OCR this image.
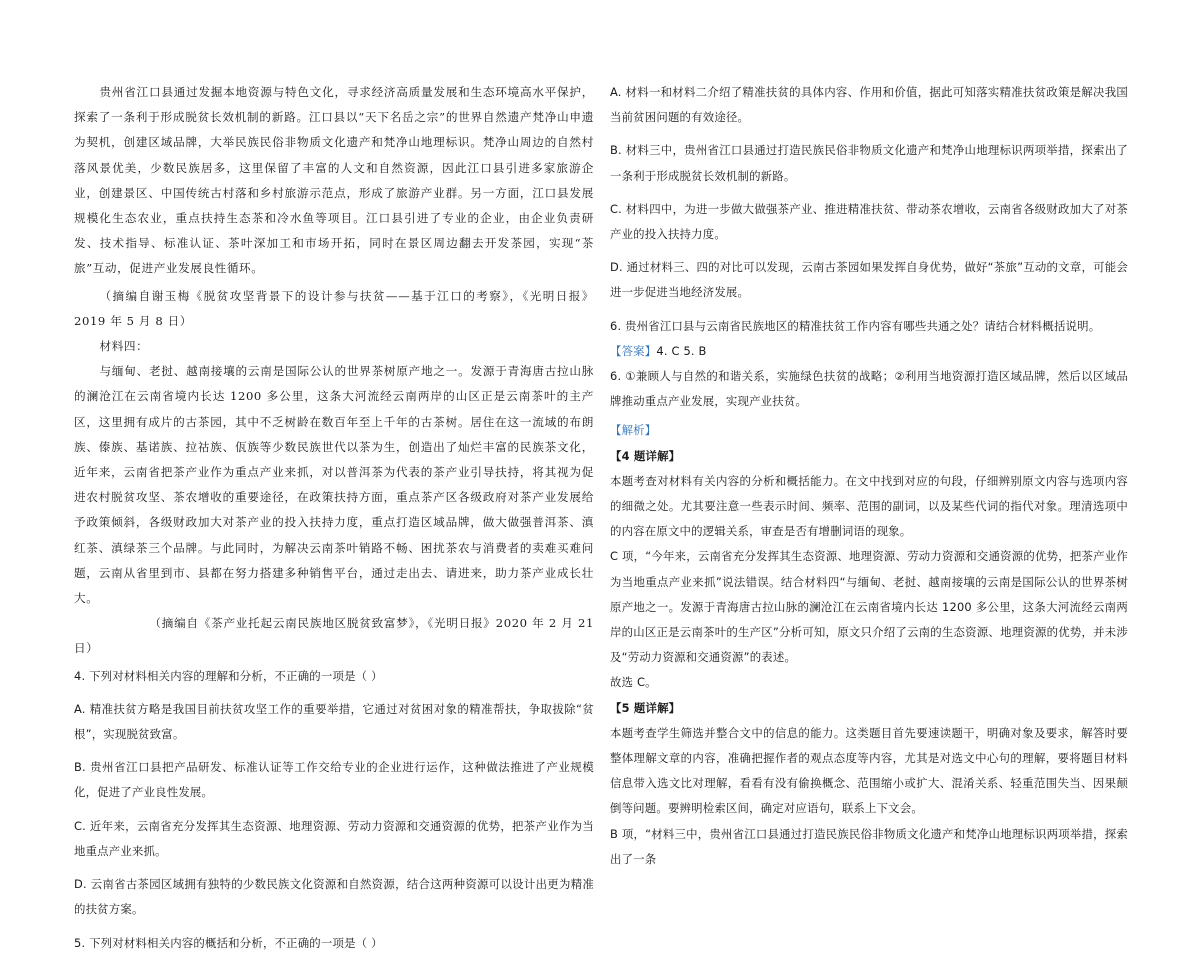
贵州省江口县通过发掘本地资源与特色文化，寻求经济高质量发展和生态环境高水平保护，探索了一条利于形成脱贫长效机制的新路。江口县以“天下名岳之宗”的世界自然遗产梵净山申遗为契机，创建区域品牌，大举民族民俗非物质文化遗产和梵净山地理标识。梵净山周边的自然村落风景优美，少数民族居多，这里保留了丰富的人文和自然资源，因此江口县引进多家旅游企业，创建景区、中国传统古村落和乡村旅游示范点，形成了旅游产业群。另一方面，江口县发展规模化生态农业，重点扶持生态茶和冷水鱼等项目。江口县引进了专业的企业，由企业负责研发、技术指导、标准认证、茶叶深加工和市场开拓，同时在景区周边翻去开发茶园，实现“茶旅”互动，促进产业发展良性循环。

（摘编自谢玉梅《脱贫攻坚背景下的设计参与扶贫——基于江口的考察》，《光明日报》2019 年 5 月 8 日）

材料四：

与缅甸、老挝、越南接壤的云南是国际公认的世界茶树原产地之一。发源于青海唐古拉山脉的澜沧江在云南省境内长达 1200 多公里，这条大河流经云南两岸的山区正是云南茶叶的主产区，这里拥有成片的古茶园，其中不乏树龄在数百年至上千年的古茶树。居住在这一流域的布朗族、傣族、基诺族、拉祜族、佤族等少数民族世代以茶为生，创造出了灿烂丰富的民族茶文化，近年来，云南省把茶产业作为重点产业来抓，对以普洱茶为代表的茶产业引导扶持，将其视为促进农村脱贫攻坚、茶农增收的重要途径，在政策扶持方面，重点茶产区各级政府对茶产业发展给予政策倾斜，各级财政加大对茶产业的投入扶持力度，重点打造区域品牌，做大做强普洱茶、滇红茶、滇绿茶三个品牌。与此同时，为解决云南茶叶销路不畅、困扰茶农与消费者的卖难买难问题，云南从省里到市、县都在努力搭建多种销售平台，通过走出去、请进来，助力茶产业成长壮大。

（摘编自《茶产业托起云南民族地区脱贫致富梦》，《光明日报》2020 年 2 月 21 日）

4. 下列对材料相关内容的理解和分析，不正确的一项是（ ）

A. 精准扶贫方略是我国目前扶贫攻坚工作的重要举措，它通过对贫困对象的精准帮扶，争取拔除“贫根”，实现脱贫致富。

B. 贵州省江口县把产品研发、标准认证等工作交给专业的企业进行运作，这种做法推进了产业规模化，促进了产业良性发展。

C. 近年来，云南省充分发挥其生态资源、地理资源、劳动力资源和交通资源的优势，把茶产业作为当地重点产业来抓。

D. 云南省古茶园区域拥有独特的少数民族文化资源和自然资源，结合这两种资源可以设计出更为精准的扶贫方案。

5. 下列对材料相关内容的概括和分析，不正确的一项是（ ）

A. 材料一和材料二介绍了精准扶贫的具体内容、作用和价值，据此可知落实精准扶贫政策是解决我国当前贫困问题的有效途径。

B. 材料三中，贵州省江口县通过打造民族民俗非物质文化遗产和梵净山地理标识两项举措，探索出了一条利于形成脱贫长效机制的新路。

C. 材料四中，为进一步做大做强茶产业、推进精准扶贫、带动茶农增收，云南省各级财政加大了对茶产业的投入扶持力度。

D. 通过材料三、四的对比可以发现，云南古茶园如果发挥自身优势，做好“茶旅”互动的文章，可能会进一步促进当地经济发展。

6. 贵州省江口县与云南省民族地区的精准扶贫工作内容有哪些共通之处？请结合材料概括说明。

【答案】4. C 5. B

6. ①兼顾人与自然的和谐关系，实施绿色扶贫的战略；②利用当地资源打造区域品牌，然后以区域品牌推动重点产业发展，实现产业扶贫。

【解析】

【4 题详解】

本题考查对材料有关内容的分析和概括能力。在文中找到对应的句段，仔细辨别原文内容与选项内容的细微之处。尤其要注意一些表示时间、频率、范围的副词，以及某些代词的指代对象。理清选项中的内容在原文中的逻辑关系，审查是否有增删词语的现象。

C 项，“今年来，云南省充分发挥其生态资源、地理资源、劳动力资源和交通资源的优势，把茶产业作为当地重点产业来抓”说法错误。结合材料四“与缅甸、老挝、越南接壤的云南是国际公认的世界茶树原产地之一。发源于青海唐古拉山脉的澜沧江在云南省境内长达 1200 多公里，这条大河流经云南两岸的山区正是云南茶叶的生产区”分析可知，原文只介绍了云南的生态资源、地理资源的优势，并未涉及“劳动力资源和交通资源”的表述。

故选 C。

【5 题详解】

本题考查学生筛选并整合文中的信息的能力。这类题目首先要速读题干，明确对象及要求，解答时要整体理解文章的内容，准确把握作者的观点态度等内容，尤其是对选文中心句的理解，要将题目材料信息带入选文比对理解，看看有没有偷换概念、范围缩小或扩大、混淆关系、轻重范围失当、因果颠倒等问题。要辨明检索区间，确定对应语句，联系上下文会。

B 项，“材料三中，贵州省江口县通过打造民族民俗非物质文化遗产和梵净山地理标识两项举措，探索出了一条
